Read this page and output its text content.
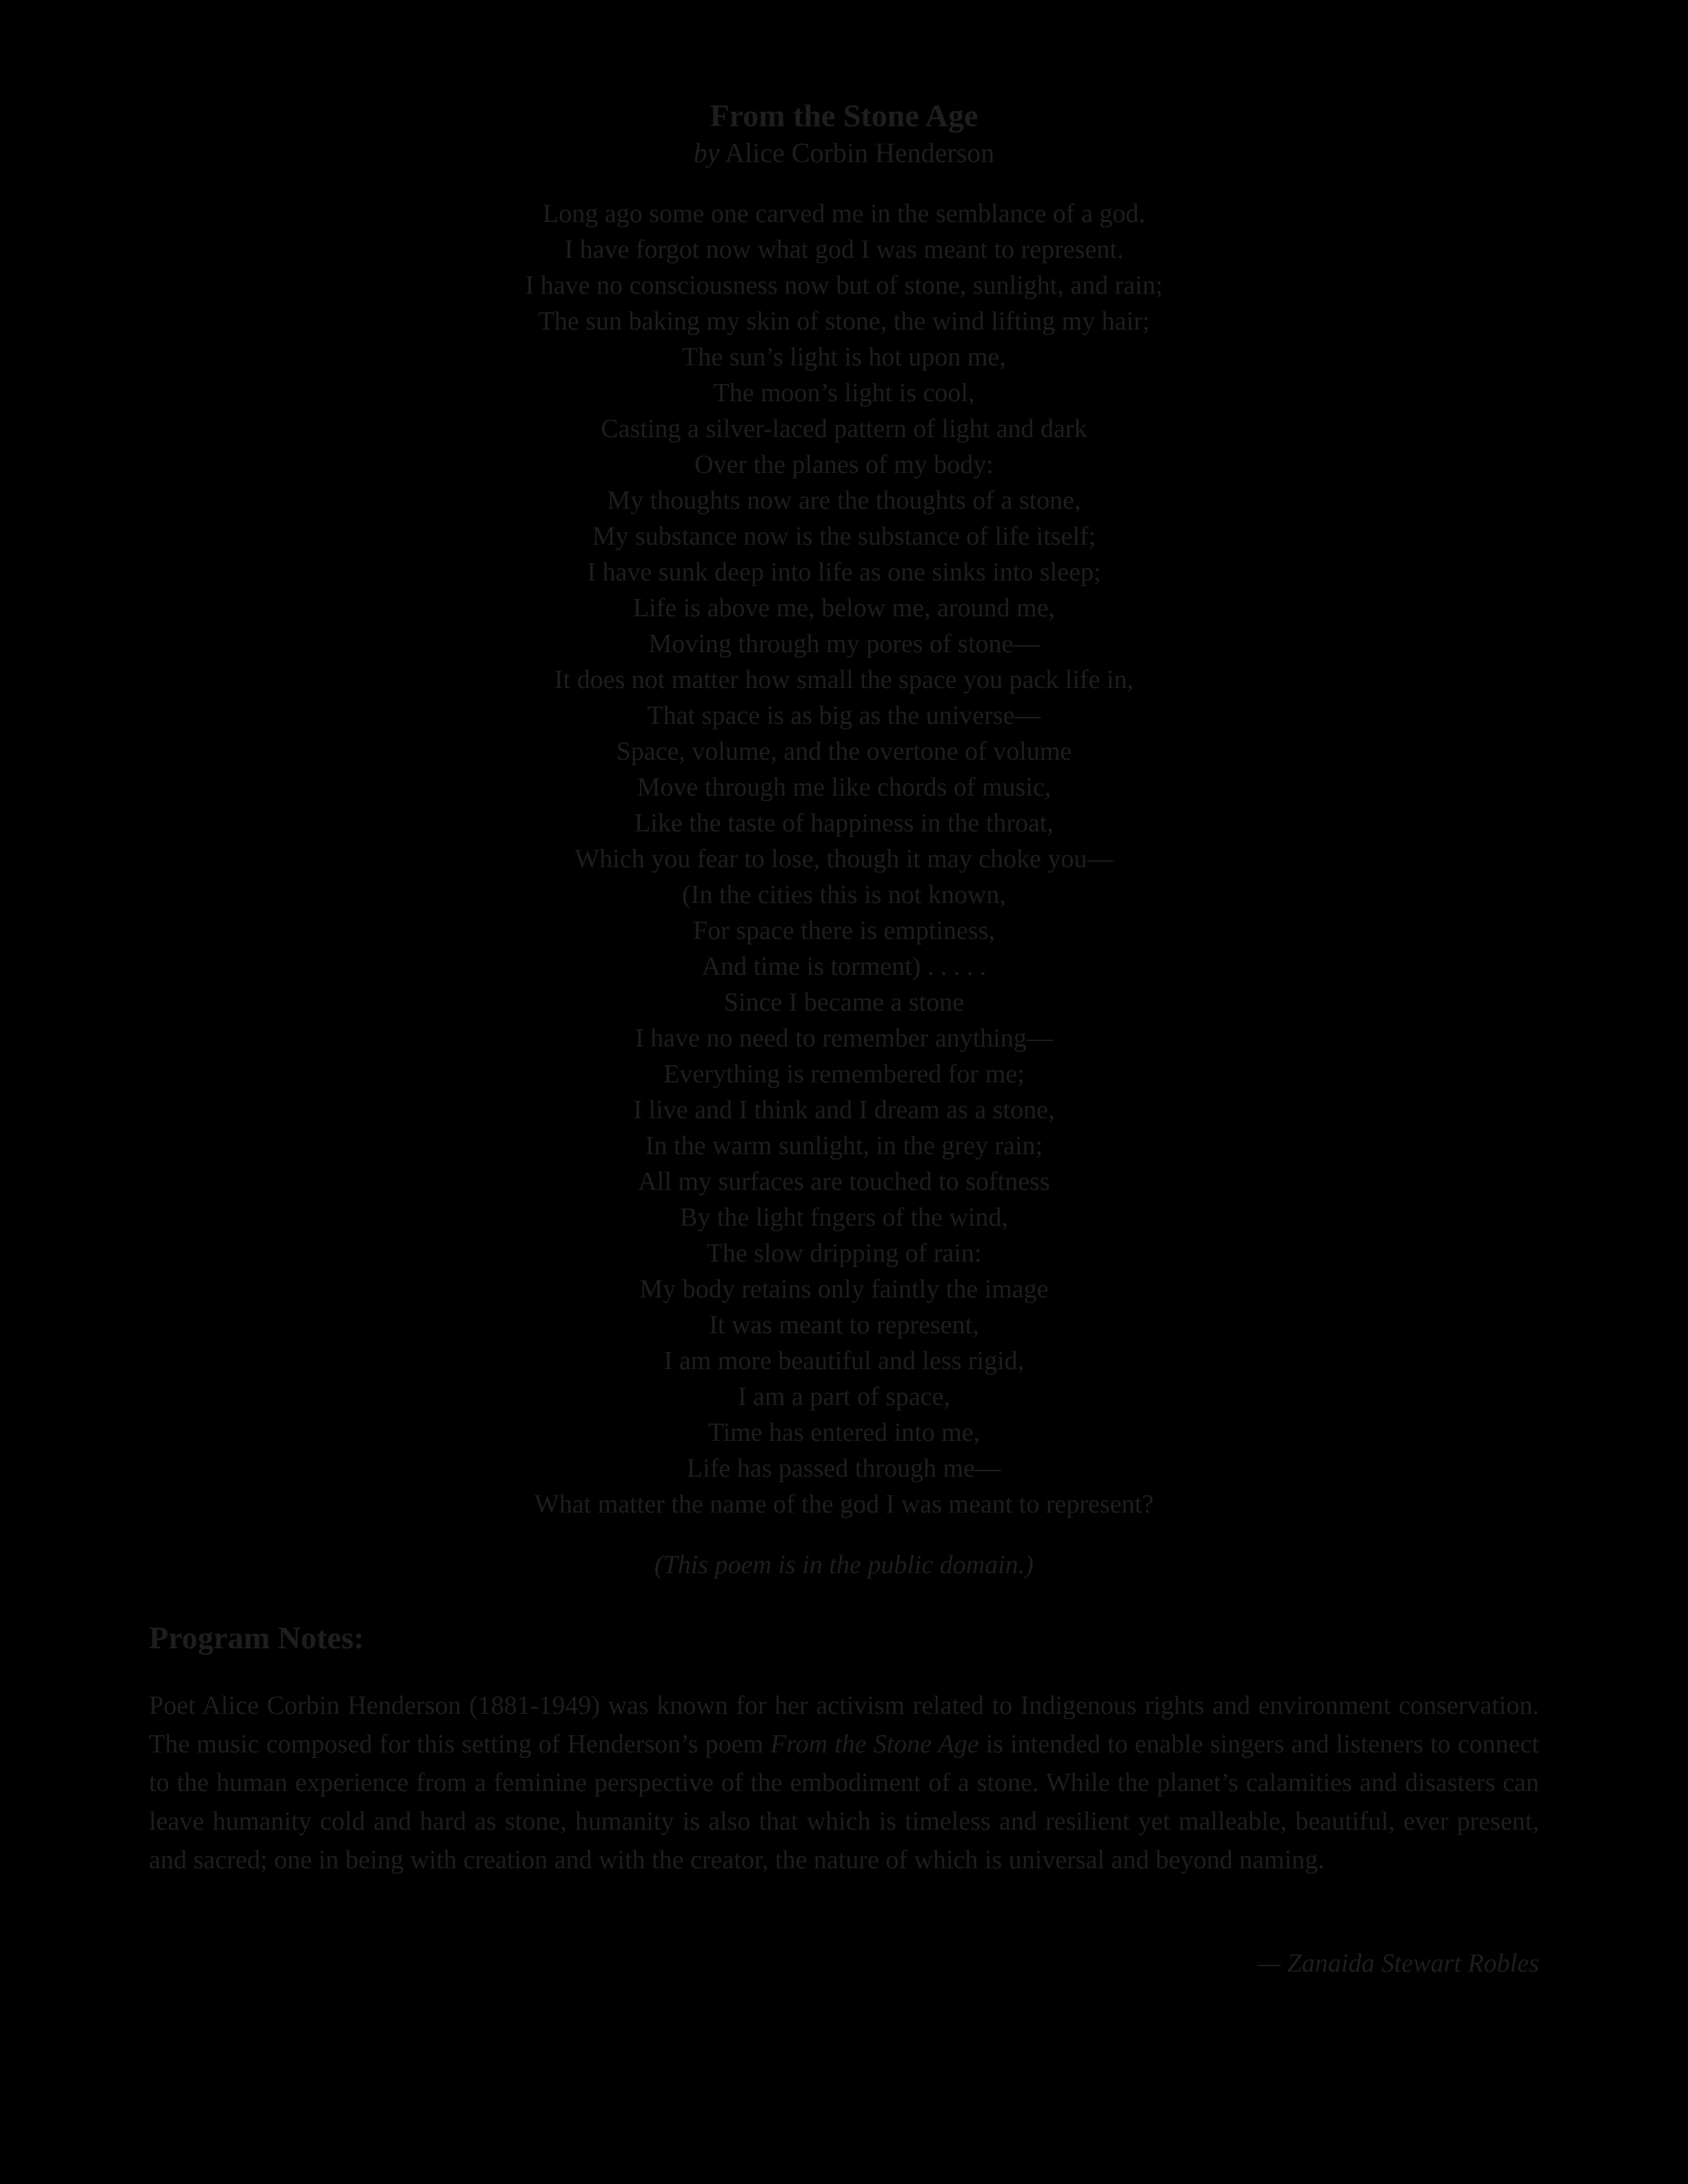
From the Stone Age

by Alice Corbin Henderson

Long ago some one carved me in the semblance of a god.
I have forgot now what god I was meant to represent.
I have no consciousness now but of stone, sunlight, and rain;
The sun baking my skin of stone, the wind lifting my hair;
The sun’s light is hot upon me,
The moon’s light is cool,
Casting a silver-laced pattern of light and dark
Over the planes of my body:
My thoughts now are the thoughts of a stone,
My substance now is the substance of life itself;
I have sunk deep into life as one sinks into sleep;
Life is above me, below me, around me,
Moving through my pores of stone—
It does not matter how small the space you pack life in,
That space is as big as the universe—
Space, volume, and the overtone of volume
Move through me like chords of music,
Like the taste of happiness in the throat,
Which you fear to lose, though it may choke you—
(In the cities this is not known,
For space there is emptiness,
And time is torment) . . . . .
Since I became a stone
I have no need to remember anything—
Everything is remembered for me;
I live and I think and I dream as a stone,
In the warm sunlight, in the grey rain;
All my surfaces are touched to softness
By the light fngers of the wind,
The slow dripping of rain:
My body retains only faintly the image
It was meant to represent,
I am more beautiful and less rigid,
I am a part of space,
Time has entered into me,
Life has passed through me—
What matter the name of the god I was meant to represent?
(This poem is in the public domain.)
Program Notes:

Poet Alice Corbin Henderson (1881-1949) was known for her activism related to Indigenous rights and environment conservation. The music composed for this setting of Henderson’s poem From the Stone Age is intended to enable singers and listeners to connect to the human experience from a feminine perspective of the embodiment of a stone. While the planet’s calamities and disasters can leave humanity cold and hard as stone, humanity is also that which is timeless and resilient yet malleable, beautiful, ever present, and sacred; one in being with creation and with the creator, the nature of which is universal and beyond naming.

— Zanaida Stewart Robles
